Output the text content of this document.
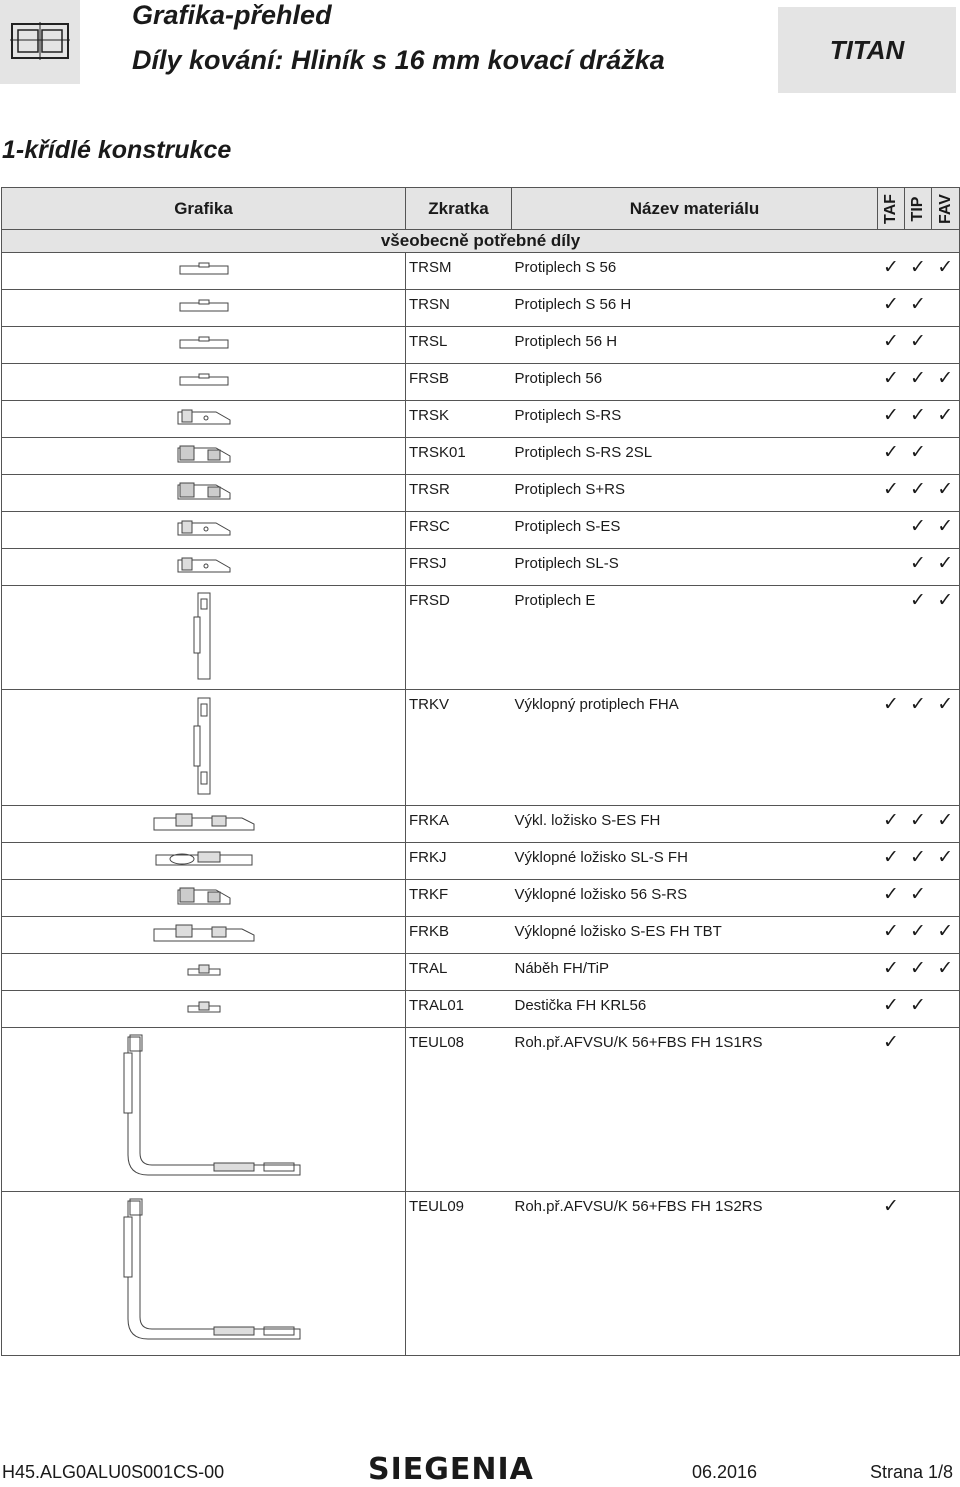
Grafika-přehled
Díly kování: Hliník s 16 mm kovací drážka	TITAN
1-křídlé konstrukce
Grafika	Zkratka	Název materiálu	TAF	TIP	FAV

všeobecně potřebné díly					
	TRSM	Protiplech S 56	✓	✓	✓
	TRSN	Protiplech S 56 H	✓	✓	
	TRSL	Protiplech 56 H	✓	✓	
	FRSB	Protiplech 56	✓	✓	✓
	TRSK	Protiplech S-RS	✓	✓	✓
	TRSK01	Protiplech S-RS 2SL	✓	✓	
	TRSR	Protiplech S+RS	✓	✓	✓
	FRSC	Protiplech S-ES		✓	✓
	FRSJ	Protiplech SL-S		✓	✓
	FRSD	Protiplech E		✓	✓
	TRKV	Výklopný protiplech FHA	✓	✓	✓
	FRKA	Výkl. ložisko S-ES FH	✓	✓	✓
	FRKJ	Výklopné ložisko SL-S FH	✓	✓	✓
	TRKF	Výklopné ložisko 56 S-RS	✓	✓	
	FRKB	Výklopné ložisko S-ES FH TBT	✓	✓	✓
	TRAL	Náběh FH/TiP	✓	✓	✓
	TRAL01	Destička FH KRL56	✓	✓	
	TEUL08	Roh.př.AFVSU/K 56+FBS FH 1S1RS	✓		
	TEUL09	Roh.př.AFVSU/K 56+FBS FH 1S2RS	✓		
H45.ALG0ALU0S001CS-00	SIEGENIA	06.2016	Strana 1/8
